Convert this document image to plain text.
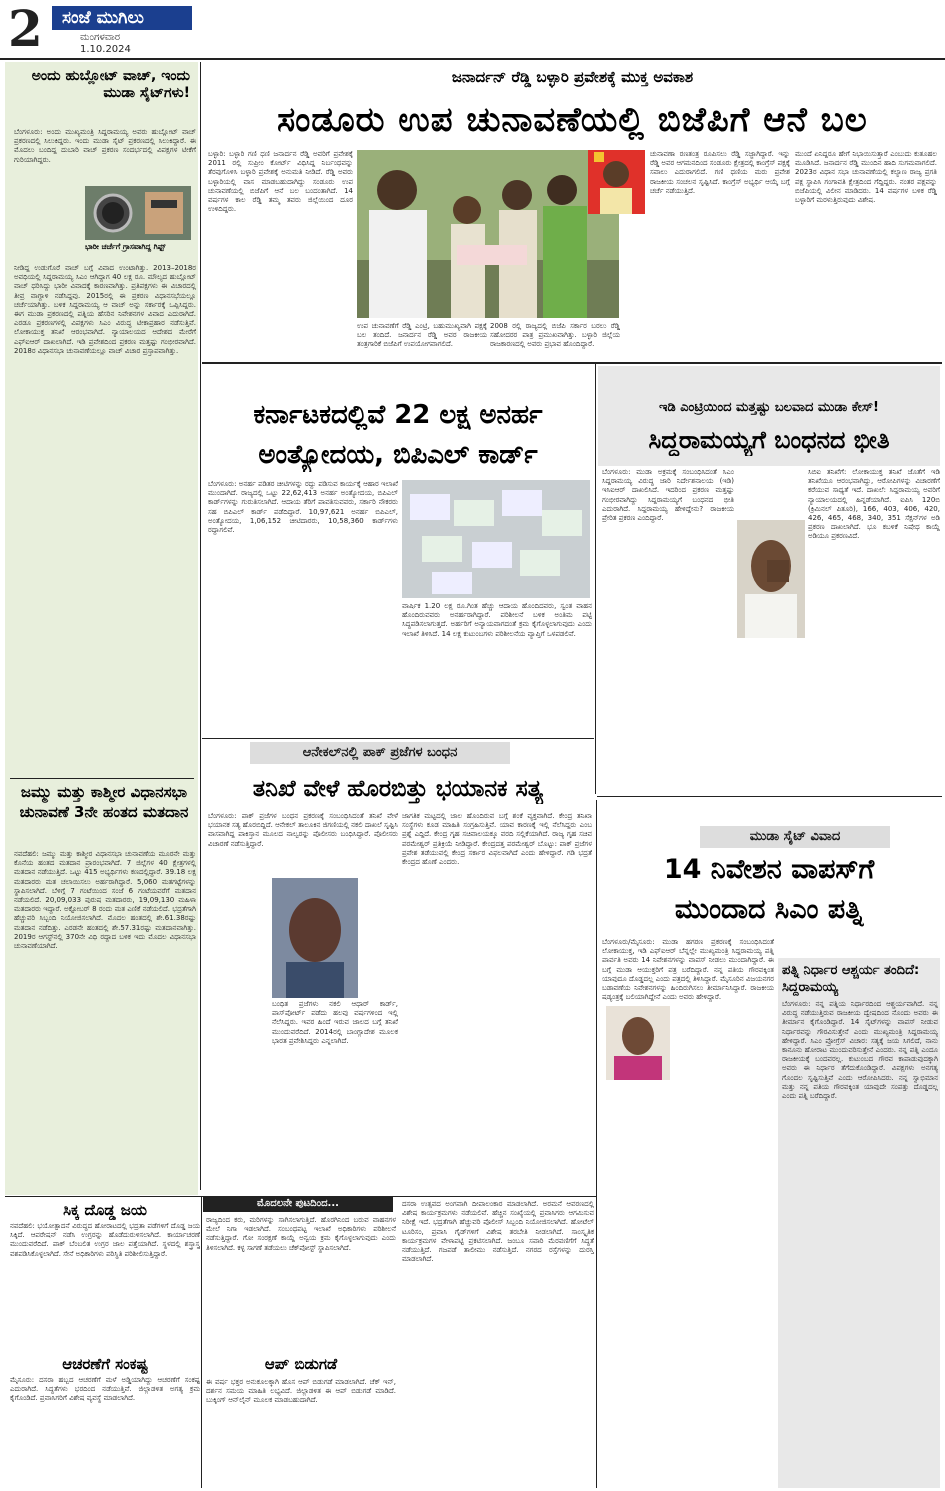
2	ಸಂಜೆ ಮುಗಿಲು
ಮಂಗಳವಾರ
1.10.2024
ಅಂದು ಹುಬ್ಲೋಟ್ ವಾಚ್, ಇಂದು ಮುಡಾ ಸೈಟ್‌ಗಳು!
ಬೆಂಗಳೂರು: ಅಂದು ಮುಖ್ಯಮಂತ್ರಿ ಸಿದ್ದರಾಮಯ್ಯ ಅವರು ಹುಬ್ಲೋಟ್ ವಾಚ್ ಪ್ರಕರಣದಲ್ಲಿ ಸಿಲುಕಿದ್ದರು. ಇಂದು ಮುಡಾ ಸೈಟ್ ಪ್ರಕರಣದಲ್ಲಿ ಸಿಲುಕಿದ್ದಾರೆ. ಈ ಮೊದಲು ಬಂದಿದ್ದ ದುಬಾರಿ ವಾಚ್ ಪ್ರಕರಣ ಸಂದರ್ಭದಲ್ಲಿ ವಿಪಕ್ಷಗಳ ಟೀಕೆಗೆ ಗುರಿಯಾಗಿದ್ದರು.
ಭಾರೀ ಚರ್ಚೆಗೆ ಗ್ರಾಸವಾಗಿದ್ದ ಗಿಫ್ಟ್
ನೀಡಿದ್ದ ಉಡುಗೊರೆ ವಾಚ್ ಬಗ್ಗೆ ವಿವಾದ ಉಂಟಾಗಿತ್ತು. 2013–2018ರ ಅವಧಿಯಲ್ಲಿ ಸಿದ್ದರಾಮಯ್ಯ ಸಿಎಂ ಆಗಿದ್ದಾಗ 40 ಲಕ್ಷ ರೂ. ಮೌಲ್ಯದ ಹುಬ್ಲೋಟ್ ವಾಚ್ ಧರಿಸಿದ್ದು ಭಾರೀ ವಿವಾದಕ್ಕೆ ಕಾರಣವಾಗಿತ್ತು. ಪ್ರತಿಪಕ್ಷಗಳು ಈ ವಿಚಾರದಲ್ಲಿ ತೀವ್ರ ವಾಗ್ದಾಳಿ ನಡೆಸಿದ್ದವು. 2015ರಲ್ಲಿ ಈ ಪ್ರಕರಣ ವಿಧಾನಸಭೆಯಲ್ಲೂ ಚರ್ಚೆಯಾಗಿತ್ತು. ಬಳಿಕ ಸಿದ್ದರಾಮಯ್ಯ ಆ ವಾಚ್ ಅನ್ನು ಸರ್ಕಾರಕ್ಕೆ ಒಪ್ಪಿಸಿದ್ದರು. ಈಗ ಮುಡಾ ಪ್ರಕರಣದಲ್ಲಿ ಪತ್ನಿಯ ಹೆಸರಿನ ನಿವೇಶನಗಳ ವಿವಾದ ಎದುರಾಗಿದೆ. ಎರಡೂ ಪ್ರಕರಣಗಳಲ್ಲಿ ವಿಪಕ್ಷಗಳು ಸಿಎಂ ವಿರುದ್ಧ ಟೀಕಾಪ್ರಹಾರ ನಡೆಸುತ್ತಿವೆ. ಲೋಕಾಯುಕ್ತ ತನಿಖೆ ಆರಂಭವಾಗಿದೆ. ನ್ಯಾಯಾಲಯದ ಆದೇಶದ ಮೇರೆಗೆ ಎಫ್ಐಆರ್ ದಾಖಲಾಗಿದೆ. ಇಡಿ ಪ್ರವೇಶದಿಂದ ಪ್ರಕರಣ ಮತ್ತಷ್ಟು ಗಂಭೀರವಾಗಿದೆ. 2018ರ ವಿಧಾನಸಭಾ ಚುನಾವಣೆಯಲ್ಲೂ ವಾಚ್ ವಿಚಾರ ಪ್ರಸ್ತಾಪವಾಗಿತ್ತು.
ಜಮ್ಮು ಮತ್ತು ಕಾಶ್ಮೀರ ವಿಧಾನಸಭಾ ಚುನಾವಣೆ 3ನೇ ಹಂತದ ಮತದಾನ
ನವದೆಹಲಿ: ಜಮ್ಮು ಮತ್ತು ಕಾಶ್ಮೀರ ವಿಧಾನಸಭಾ ಚುನಾವಣೆಯ ಮೂರನೇ ಮತ್ತು ಕೊನೆಯ ಹಂತದ ಮತದಾನ ಪ್ರಾರಂಭವಾಗಿದೆ. 7 ಜಿಲ್ಲೆಗಳ 40 ಕ್ಷೇತ್ರಗಳಲ್ಲಿ ಮತದಾನ ನಡೆಯುತ್ತಿದೆ. ಒಟ್ಟು 415 ಅಭ್ಯರ್ಥಿಗಳು ಕಣದಲ್ಲಿದ್ದಾರೆ. 39.18 ಲಕ್ಷ ಮತದಾರರು ಮತ ಚಲಾಯಿಸಲು ಅರ್ಹರಾಗಿದ್ದಾರೆ. 5,060 ಮತಗಟ್ಟೆಗಳನ್ನು ಸ್ಥಾಪಿಸಲಾಗಿದೆ. ಬೆಳಿಗ್ಗೆ 7 ಗಂಟೆಯಿಂದ ಸಂಜೆ 6 ಗಂಟೆಯವರೆಗೆ ಮತದಾನ ನಡೆಯಲಿದೆ. 20,09,033 ಪುರುಷ ಮತದಾರರು, 19,09,130 ಮಹಿಳಾ ಮತದಾರರು ಇದ್ದಾರೆ. ಅಕ್ಟೋಬರ್ 8 ರಂದು ಮತ ಎಣಿಕೆ ನಡೆಯಲಿದೆ. ಭದ್ರತೆಗಾಗಿ ಹೆಚ್ಚುವರಿ ಸಿಬ್ಬಂದಿ ನಿಯೋಜಿಸಲಾಗಿದೆ. ಮೊದಲ ಹಂತದಲ್ಲಿ ಶೇ.61.38ರಷ್ಟು ಮತದಾನ ನಡೆದಿತ್ತು. ಎರಡನೇ ಹಂತದಲ್ಲಿ ಶೇ.57.31ರಷ್ಟು ಮತದಾನವಾಗಿತ್ತು. 2019ರ ಆಗಸ್ಟ್‌ನಲ್ಲಿ 370ನೇ ವಿಧಿ ರದ್ದಾದ ಬಳಿಕ ಇದು ಮೊದಲ ವಿಧಾನಸಭಾ ಚುನಾವಣೆಯಾಗಿದೆ.
ಜನಾರ್ದನ್ ರೆಡ್ಡಿ ಬಳ್ಳಾರಿ ಪ್ರವೇಶಕ್ಕೆ ಮುಕ್ತ ಅವಕಾಶ
ಸಂಡೂರು ಉಪ ಚುನಾವಣೆಯಲ್ಲಿ ಬಿಜೆಪಿಗೆ ಆನೆ ಬಲ
ಬಳ್ಳಾರಿ: ಬಳ್ಳಾರಿ ಗಣಿ ಧಣಿ ಜನಾರ್ದನ ರೆಡ್ಡಿ ಅವರಿಗೆ ಪ್ರವೇಶಕ್ಕೆ 2011 ರಲ್ಲಿ ಸುಪ್ರೀಂ ಕೋರ್ಟ್ ವಿಧಿಸಿದ್ದ ನಿರ್ಬಂಧವನ್ನು ತೆರವುಗೊಳಿಸಿ ಬಳ್ಳಾರಿ ಪ್ರವೇಶಕ್ಕೆ ಅನುಮತಿ ನೀಡಿದೆ. ರೆಡ್ಡಿ ಅವರು ಬಳ್ಳಾರಿಯಲ್ಲಿ ವಾಸ ಮಾಡಬಹುದಾಗಿದ್ದು ಸಂಡೂರು ಉಪ ಚುನಾವಣೆಯಲ್ಲಿ ಬಿಜೆಪಿಗೆ ಆನೆ ಬಲ ಬಂದಂತಾಗಿದೆ. 14 ವರ್ಷಗಳ ಕಾಲ ರೆಡ್ಡಿ ತಮ್ಮ ತವರು ಜಿಲ್ಲೆಯಿಂದ ದೂರ ಉಳಿದಿದ್ದರು.
ಉಪ ಚುನಾವಣೆಗೆ ರೆಡ್ಡಿ ಎಂಟ್ರಿ, ಬಹುಮುಖ್ಯವಾಗಿ ಪಕ್ಷಕ್ಕೆ ಬಲ ತಂದಿದೆ. ಜನಾರ್ದನ ರೆಡ್ಡಿ ಅವರ ರಾಜಕೀಯ ತಂತ್ರಗಾರಿಕೆ ಬಿಜೆಪಿಗೆ ಉಪಯೋಗವಾಗಲಿದೆ.
2008 ರಲ್ಲಿ ರಾಜ್ಯದಲ್ಲಿ ಬಿಜೆಪಿ ಸರ್ಕಾರ ಬರಲು ರೆಡ್ಡಿ ಸಹೋದರರ ಪಾತ್ರ ಪ್ರಮುಖವಾಗಿತ್ತು. ಬಳ್ಳಾರಿ ಜಿಲ್ಲೆಯ ರಾಜಕಾರಣದಲ್ಲಿ ಅವರು ಪ್ರಭಾವ ಹೊಂದಿದ್ದಾರೆ.
ಚುನಾವಣಾ ರಣತಂತ್ರ ರೂಪಿಸಲು ರೆಡ್ಡಿ ಸಜ್ಜಾಗಿದ್ದಾರೆ. ಇನ್ನು ರೆಡ್ಡಿ ಅವರ ಆಗಮನದಿಂದ ಸಂಡೂರು ಕ್ಷೇತ್ರದಲ್ಲಿ ಕಾಂಗ್ರೆಸ್ ಪಕ್ಷಕ್ಕೆ ಸವಾಲು ಎದುರಾಗಲಿದೆ. ಗಣಿ ಧಣಿಯ ಮರು ಪ್ರವೇಶ ರಾಜಕೀಯ ಸಂಚಲನ ಸೃಷ್ಟಿಸಿದೆ. ಕಾಂಗ್ರೆಸ್ ಅಭ್ಯರ್ಥಿ ಆಯ್ಕೆ ಬಗ್ಗೆ ಚರ್ಚೆ ನಡೆಯುತ್ತಿದೆ.
ಮುಂದೆ ಏನಿದ್ದರೂ ಹೇಗೆ ನಿಭಾಯಿಸುತ್ತಾರೆ ಎಂಬುದು ಕುತೂಹಲ ಮೂಡಿಸಿದೆ. ಜನಾರ್ದನ ರೆಡ್ಡಿ ಮುಂದಿನ ಹಾದಿ ಸುಗಮವಾಗಲಿದೆ. 2023ರ ವಿಧಾನ ಸಭಾ ಚುನಾವಣೆಯಲ್ಲಿ ಕಲ್ಯಾಣ ರಾಜ್ಯ ಪ್ರಗತಿ ಪಕ್ಷ ಸ್ಥಾಪಿಸಿ ಗಂಗಾವತಿ ಕ್ಷೇತ್ರದಿಂದ ಗೆದ್ದಿದ್ದರು. ನಂತರ ಪಕ್ಷವನ್ನು ಬಿಜೆಪಿಯಲ್ಲಿ ವಿಲೀನ ಮಾಡಿದರು. 14 ವರ್ಷಗಳ ಬಳಿಕ ರೆಡ್ಡಿ ಬಳ್ಳಾರಿಗೆ ಮರಳುತ್ತಿರುವುದು ವಿಶೇಷ.
ಕರ್ನಾಟಕದಲ್ಲಿವೆ 22 ಲಕ್ಷ ಅನರ್ಹ
ಅಂತ್ಯೋದಯ, ಬಿಪಿಎಲ್ ಕಾರ್ಡ್
ಬೆಂಗಳೂರು: ಅನರ್ಹ ಪಡಿತರ ಚೀಟಿಗಳನ್ನು ರದ್ದು ಪಡಿಸುವ ಕಾರ್ಯಕ್ಕೆ ಆಹಾರ ಇಲಾಖೆ ಮುಂದಾಗಿದೆ. ರಾಜ್ಯದಲ್ಲಿ ಒಟ್ಟು 22,62,413 ಅನರ್ಹ ಅಂತ್ಯೋದಯ, ಬಿಪಿಎಲ್ ಕಾರ್ಡ್‌ಗಳನ್ನು ಗುರುತಿಸಲಾಗಿದೆ. ಆದಾಯ ತೆರಿಗೆ ಪಾವತಿಸುವವರು, ಸರ್ಕಾರಿ ನೌಕರರು ಸಹ ಬಿಪಿಎಲ್ ಕಾರ್ಡ್ ಪಡೆದಿದ್ದಾರೆ. 10,97,621 ಅನರ್ಹ ಬಿಪಿಎಲ್, ಅಂತ್ಯೋದಯ, 1,06,152 ಚೀಟಿದಾರರು, 10,58,360 ಕಾರ್ಡ್‌ಗಳು ರದ್ದಾಗಲಿವೆ.
ವಾರ್ಷಿಕ 1.20 ಲಕ್ಷ ರೂ.ಗಿಂತ ಹೆಚ್ಚು ಆದಾಯ ಹೊಂದಿದವರು, ಸ್ವಂತ ವಾಹನ ಹೊಂದಿರುವವರು ಅನರ್ಹರಾಗಿದ್ದಾರೆ. ಪರಿಶೀಲನೆ ಬಳಿಕ ಅಂತಿಮ ಪಟ್ಟಿ ಸಿದ್ಧಪಡಿಸಲಾಗುತ್ತದೆ. ಅರ್ಹರಿಗೆ ಅನ್ಯಾಯವಾಗದಂತೆ ಕ್ರಮ ಕೈಗೊಳ್ಳಲಾಗುವುದು ಎಂದು ಇಲಾಖೆ ತಿಳಿಸಿದೆ. 14 ಲಕ್ಷ ಕುಟುಂಬಗಳು ಪರಿಶೀಲನೆಯ ವ್ಯಾಪ್ತಿಗೆ ಒಳಪಡಲಿವೆ.
ಆನೇಕಲ್‌ನಲ್ಲಿ ಪಾಕ್ ಪ್ರಜೆಗಳ ಬಂಧನ
ತನಿಖೆ ವೇಳೆ ಹೊರಬಿತ್ತು ಭಯಾನಕ ಸತ್ಯ
ಬೆಂಗಳೂರು: ಪಾಕ್ ಪ್ರಜೆಗಳ ಬಂಧನ ಪ್ರಕರಣಕ್ಕೆ ಸಂಬಂಧಿಸಿದಂತೆ ತನಿಖೆ ವೇಳೆ ಭಯಾನಕ ಸತ್ಯ ಹೊರಬಿದ್ದಿದೆ. ಆನೇಕಲ್ ತಾಲೂಕಿನ ಜಿಗಣಿಯಲ್ಲಿ ನಕಲಿ ದಾಖಲೆ ಸೃಷ್ಟಿಸಿ ವಾಸವಾಗಿದ್ದ ಪಾಕಿಸ್ತಾನ ಮೂಲದ ನಾಲ್ವರನ್ನು ಪೊಲೀಸರು ಬಂಧಿಸಿದ್ದಾರೆ. ಪೊಲೀಸರು ವಿಚಾರಣೆ ನಡೆಸುತ್ತಿದ್ದಾರೆ.
ಬಂಧಿತ ಪ್ರಜೆಗಳು ನಕಲಿ ಆಧಾರ್ ಕಾರ್ಡ್, ಪಾಸ್‌ಪೋರ್ಟ್ ಪಡೆದು ಹಲವು ವರ್ಷಗಳಿಂದ ಇಲ್ಲಿ ನೆಲೆಸಿದ್ದರು. ಇವರ ಹಿಂದೆ ಇರುವ ಜಾಲದ ಬಗ್ಗೆ ತನಿಖೆ ಮುಂದುವರೆದಿದೆ. 2014ರಲ್ಲಿ ಬಾಂಗ್ಲಾದೇಶ ಮೂಲಕ ಭಾರತ ಪ್ರವೇಶಿಸಿದ್ದರು ಎನ್ನಲಾಗಿದೆ.
ಜಾಗತಿಕ ಮಟ್ಟದಲ್ಲಿ ಜಾಲ ಹೊಂದಿರುವ ಬಗ್ಗೆ ಶಂಕೆ ವ್ಯಕ್ತವಾಗಿದೆ. ಕೇಂದ್ರ ತನಿಖಾ ಸಂಸ್ಥೆಗಳು ಕೂಡ ಮಾಹಿತಿ ಸಂಗ್ರಹಿಸುತ್ತಿವೆ. ಯಾವ ಕಾರಣಕ್ಕೆ ಇಲ್ಲಿ ನೆಲೆಸಿದ್ದರು ಎಂಬ ಪ್ರಶ್ನೆ ಎದ್ದಿದೆ. ಕೇಂದ್ರ ಗೃಹ ಸಚಿವಾಲಯಕ್ಕೂ ವರದಿ ಸಲ್ಲಿಕೆಯಾಗಿದೆ. ರಾಜ್ಯ ಗೃಹ ಸಚಿವ ಪರಮೇಶ್ವರ್ ಪ್ರತಿಕ್ರಿಯೆ ನೀಡಿದ್ದಾರೆ. ಕೇಂದ್ರದತ್ತ ಪರಮೇಶ್ವರ್ ಬೊಟ್ಟು: ಪಾಕ್ ಪ್ರಜೆಗಳ ಪ್ರವೇಶ ತಡೆಯುವಲ್ಲಿ ಕೇಂದ್ರ ಸರ್ಕಾರ ವಿಫಲವಾಗಿದೆ ಎಂದು ಹೇಳಿದ್ದಾರೆ. ಗಡಿ ಭದ್ರತೆ ಕೇಂದ್ರದ ಹೊಣೆ ಎಂದರು.
ಇಡಿ ಎಂಟ್ರಿಯಿಂದ ಮತ್ತಷ್ಟು ಬಲವಾದ ಮುಡಾ ಕೇಸ್!
ಸಿದ್ದರಾಮಯ್ಯಗೆ ಬಂಧನದ ಭೀತಿ
ಬೆಂಗಳೂರು: ಮುಡಾ ಅಕ್ರಮಕ್ಕೆ ಸಂಬಂಧಿಸಿದಂತೆ ಸಿಎಂ ಸಿದ್ದರಾಮಯ್ಯ ವಿರುದ್ಧ ಜಾರಿ ನಿರ್ದೇಶನಾಲಯ (ಇಡಿ) ಇಸಿಐಆರ್ ದಾಖಲಿಸಿದೆ. ಇದರಿಂದ ಪ್ರಕರಣ ಮತ್ತಷ್ಟು ಗಂಭೀರವಾಗಿದ್ದು ಸಿದ್ದರಾಮಯ್ಯಗೆ ಬಂಧನದ ಭೀತಿ ಎದುರಾಗಿದೆ. ಸಿದ್ದರಾಮಯ್ಯ ಹೇಳಿದ್ದೇನು? ರಾಜಕೀಯ ಪ್ರೇರಿತ ಪ್ರಕರಣ ಎಂದಿದ್ದಾರೆ.
ಸಿಬಿಐ ತನಿಖೆಗೆ: ಲೋಕಾಯುಕ್ತ ತನಿಖೆ ಜೊತೆಗೆ ಇಡಿ ತನಿಖೆಯೂ ಆರಂಭವಾಗಿದ್ದು, ಆರೋಪಿಗಳನ್ನು ವಿಚಾರಣೆಗೆ ಕರೆಯುವ ಸಾಧ್ಯತೆ ಇದೆ. ದಾಖಲೆ: ಸಿದ್ದರಾಮಯ್ಯ ಅವರಿಗೆ ನ್ಯಾಯಾಲಯದಲ್ಲಿ ಹಿನ್ನಡೆಯಾಗಿದೆ. ಐಪಿಸಿ 120ಬಿ (ಕ್ರಿಮಿನಲ್ ಪಿತೂರಿ), 166, 403, 406, 420, 426, 465, 468, 340, 351 ಸೆಕ್ಷನ್‌ಗಳ ಅಡಿ ಪ್ರಕರಣ ದಾಖಲಾಗಿದೆ. ಭೂ ಕಬಳಿಕೆ ನಿಷೇಧ ಕಾಯ್ದೆ ಅಡಿಯೂ ಪ್ರಕರಣವಿದೆ.
ಮುಡಾ ಸೈಟ್ ವಿವಾದ
14 ನಿವೇಶನ ವಾಪಸ್‌ಗೆ
ಮುಂದಾದ ಸಿಎಂ ಪತ್ನಿ
ಬೆಂಗಳೂರು/ಮೈಸೂರು: ಮುಡಾ ಹಗರಣ ಪ್ರಕರಣಕ್ಕೆ ಸಂಬಂಧಿಸಿದಂತೆ ಲೋಕಾಯುಕ್ತ, ಇಡಿ ಎಫ್ಐಆರ್ ಬೆನ್ನಲ್ಲೇ ಮುಖ್ಯಮಂತ್ರಿ ಸಿದ್ದರಾಮಯ್ಯ ಪತ್ನಿ ಪಾರ್ವತಿ ಅವರು 14 ನಿವೇಶನಗಳನ್ನು ವಾಪಸ್ ನೀಡಲು ಮುಂದಾಗಿದ್ದಾರೆ. ಈ ಬಗ್ಗೆ ಮುಡಾ ಆಯುಕ್ತರಿಗೆ ಪತ್ರ ಬರೆದಿದ್ದಾರೆ. ನನ್ನ ಪತಿಯ ಗೌರವಕ್ಕಿಂತ ಯಾವುದೂ ದೊಡ್ಡದಲ್ಲ ಎಂದು ಪತ್ರದಲ್ಲಿ ತಿಳಿಸಿದ್ದಾರೆ. ಮೈಸೂರಿನ ವಿಜಯನಗರ ಬಡಾವಣೆಯ ನಿವೇಶನಗಳನ್ನು ಹಿಂದಿರುಗಿಸಲು ತೀರ್ಮಾನಿಸಿದ್ದಾರೆ. ರಾಜಕೀಯ ಷಡ್ಯಂತ್ರಕ್ಕೆ ಬಲಿಯಾಗಿದ್ದೇನೆ ಎಂದು ಅವರು ಹೇಳಿದ್ದಾರೆ.
ಪತ್ನಿ ನಿರ್ಧಾರ ಆಶ್ಚರ್ಯ ತಂದಿದೆ: ಸಿದ್ದರಾಮಯ್ಯ
ಬೆಂಗಳೂರು: ನನ್ನ ಪತ್ನಿಯ ನಿರ್ಧಾರದಿಂದ ಆಶ್ಚರ್ಯವಾಗಿದೆ. ನನ್ನ ವಿರುದ್ಧ ನಡೆಯುತ್ತಿರುವ ರಾಜಕೀಯ ದ್ವೇಷದಿಂದ ನೊಂದು ಅವರು ಈ ತೀರ್ಮಾನ ಕೈಗೊಂಡಿದ್ದಾರೆ. 14 ಸೈಟ್‌ಗಳನ್ನು ವಾಪಸ್ ನೀಡುವ ನಿರ್ಧಾರವನ್ನು ಗೌರವಿಸುತ್ತೇನೆ ಎಂದು ಮುಖ್ಯಮಂತ್ರಿ ಸಿದ್ದರಾಮಯ್ಯ ಹೇಳಿದ್ದಾರೆ. ಸಿಎಂ ಪ್ರೋಗ್ರೆಸ್ ವಿಚಾರ: ಸತ್ಯಕ್ಕೆ ಜಯ ಸಿಗಲಿದೆ, ನಾನು ಕಾನೂನು ಹೋರಾಟ ಮುಂದುವರಿಸುತ್ತೇನೆ ಎಂದರು. ನನ್ನ ಪತ್ನಿ ಎಂದೂ ರಾಜಕೀಯಕ್ಕೆ ಬಂದವರಲ್ಲ. ಕುಟುಂಬದ ಗೌರವ ಕಾಪಾಡುವುದಕ್ಕಾಗಿ ಅವರು ಈ ನಿರ್ಧಾರ ತೆಗೆದುಕೊಂಡಿದ್ದಾರೆ. ವಿಪಕ್ಷಗಳು ಅನಗತ್ಯ ಗೊಂದಲ ಸೃಷ್ಟಿಸುತ್ತಿವೆ ಎಂದು ಆರೋಪಿಸಿದರು. ನನ್ನ ಸ್ವಾಭಿಮಾನ ಮತ್ತು ನನ್ನ ಪತಿಯ ಗೌರವಕ್ಕಿಂತ ಯಾವುದೇ ಸಂಪತ್ತು ದೊಡ್ಡದಲ್ಲ ಎಂದು ಪತ್ನಿ ಬರೆದಿದ್ದಾರೆ.
ಸಿಕ್ಕ ದೊಡ್ಡ ಜಯ
ನವದೆಹಲಿ: ಭಯೋತ್ಪಾದನೆ ವಿರುದ್ಧದ ಹೋರಾಟದಲ್ಲಿ ಭದ್ರತಾ ಪಡೆಗಳಿಗೆ ದೊಡ್ಡ ಜಯ ಸಿಕ್ಕಿದೆ. ಆಪರೇಷನ್ ನಡೆಸಿ ಉಗ್ರರನ್ನು ಹೊಡೆದುರುಳಿಸಲಾಗಿದೆ. ಕಾರ್ಯಾಚರಣೆ ಮುಂದುವರೆದಿದೆ. ಪಾಕ್ ಬೆಂಬಲಿತ ಉಗ್ರರ ಜಾಲ ಪತ್ತೆಯಾಗಿದೆ. ಸ್ಥಳದಲ್ಲಿ ಶಸ್ತ್ರಾಸ್ತ್ರ ವಶಪಡಿಸಿಕೊಳ್ಳಲಾಗಿದೆ. ಸೇನೆ ಅಧಿಕಾರಿಗಳು ಪರಿಸ್ಥಿತಿ ಪರಿಶೀಲಿಸುತ್ತಿದ್ದಾರೆ.
ಆಚರಣೆಗೆ ಸಂಕಷ್ಟ
ಮೈಸೂರು: ದಸರಾ ಹಬ್ಬದ ಆಚರಣೆಗೆ ಮಳೆ ಅಡ್ಡಿಯಾಗಿದ್ದು ಆಚರಣೆಗೆ ಸಂಕಷ್ಟ ಎದುರಾಗಿದೆ. ಸಿದ್ಧತೆಗಳು ಭರದಿಂದ ನಡೆಯುತ್ತಿವೆ. ಜಿಲ್ಲಾಡಳಿತ ಅಗತ್ಯ ಕ್ರಮ ಕೈಗೊಂಡಿದೆ. ಪ್ರವಾಸಿಗರಿಗೆ ವಿಶೇಷ ವ್ಯವಸ್ಥೆ ಮಾಡಲಾಗಿದೆ.
ಮೊದಲನೇ ಪುಟದಿಂದ...
ರಾಜ್ಯದಿಂದ ಕರು, ಮರಿಗಳನ್ನು ಸಾಗಿಸಲಾಗುತ್ತಿದೆ. ಹೊರಗಿನಿಂದ ಬರುವ ವಾಹನಗಳ ಮೇಲೆ ನಿಗಾ ಇಡಲಾಗಿದೆ. ಸಂಬಂಧಪಟ್ಟ ಇಲಾಖೆ ಅಧಿಕಾರಿಗಳು ಪರಿಶೀಲನೆ ನಡೆಸುತ್ತಿದ್ದಾರೆ. ಗೋ ಸಂರಕ್ಷಣೆ ಕಾಯ್ದೆ ಅನ್ವಯ ಕ್ರಮ ಕೈಗೊಳ್ಳಲಾಗುವುದು ಎಂದು ತಿಳಿಸಲಾಗಿದೆ. ಕಳ್ಳ ಸಾಗಣೆ ತಡೆಯಲು ಚೆಕ್‌ಪೋಸ್ಟ್ ಸ್ಥಾಪಿಸಲಾಗಿದೆ.
ಆಪ್ ಬಿಡುಗಡೆ
ಈ ವರ್ಷ ಭಕ್ತರ ಅನುಕೂಲಕ್ಕಾಗಿ ಹೊಸ ಆಪ್ ಬಿಡುಗಡೆ ಮಾಡಲಾಗಿದೆ. ಚೆಕ್ ಇನ್, ದರ್ಶನ ಸಮಯ ಮಾಹಿತಿ ಲಭ್ಯವಿದೆ. ಜಿಲ್ಲಾಡಳಿತ ಈ ಆಪ್ ಬಿಡುಗಡೆ ಮಾಡಿದೆ. ಬುಕ್ಕಿಂಗ್ ಆನ್‌ಲೈನ್ ಮೂಲಕ ಮಾಡಬಹುದಾಗಿದೆ.
ದಸರಾ ಉತ್ಸವದ ಅಂಗವಾಗಿ ದೀಪಾಲಂಕಾರ ಮಾಡಲಾಗಿದೆ. ಅರಮನೆ ಆವರಣದಲ್ಲಿ ವಿಶೇಷ ಕಾರ್ಯಕ್ರಮಗಳು ನಡೆಯಲಿವೆ. ಹೆಚ್ಚಿನ ಸಂಖ್ಯೆಯಲ್ಲಿ ಪ್ರವಾಸಿಗರು ಆಗಮಿಸುವ ನಿರೀಕ್ಷೆ ಇದೆ. ಭದ್ರತೆಗಾಗಿ ಹೆಚ್ಚುವರಿ ಪೊಲೀಸ್ ಸಿಬ್ಬಂದಿ ನಿಯೋಜಿಸಲಾಗಿದೆ. ಹೋಟೆಲ್ ಟೂರಿಸಂ, ಪ್ರವಾಸಿ ಗೈಡ್‌ಗಳಿಗೆ ವಿಶೇಷ ತರಬೇತಿ ನೀಡಲಾಗಿದೆ. ಸಾಂಸ್ಕೃತಿಕ ಕಾರ್ಯಕ್ರಮಗಳ ವೇಳಾಪಟ್ಟಿ ಪ್ರಕಟಿಸಲಾಗಿದೆ. ಜಂಬೂ ಸವಾರಿ ಮೆರವಣಿಗೆಗೆ ಸಿದ್ಧತೆ ನಡೆಯುತ್ತಿದೆ. ಗಜಪಡೆ ತಾಲೀಮು ನಡೆಸುತ್ತಿದೆ. ನಗರದ ರಸ್ತೆಗಳನ್ನು ದುರಸ್ತಿ ಮಾಡಲಾಗಿದೆ.
